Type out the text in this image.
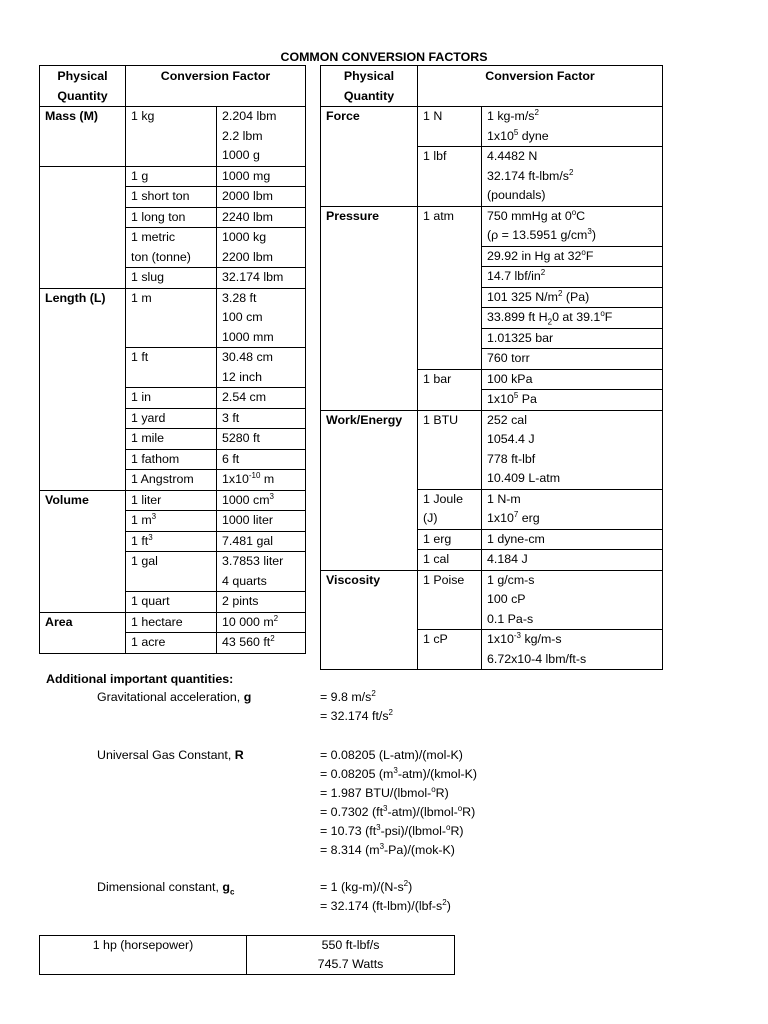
COMMON CONVERSION FACTORS
Physical
Quantity	Conversion Factor	
Mass (M)	1 kg	2.204 lbm
2.2 lbm
1000 g

	1 g	1000 mg

	1 short ton	2000 lbm

	1 long ton	2240 lbm

	1 metric
ton (tonne)	1000 kg
2200 lbm

	1 slug	32.174 lbm

Length (L)	1 m	3.28 ft
100 cm
1000 mm

	1 ft	30.48 cm
12 inch

	1 in	2.54 cm

	1 yard	3 ft

	1 mile	5280 ft

	1 fathom	6 ft

	1 Angstrom	$1x10^{-10}$ m

Volume	1 liter	1000 $cm^3$

	1 $m^3$	1000 liter

	1 $ft^3$	7.481 gal

	1 gal	3.7853 liter
4 quarts

	1 quart	2 pints

Area	1 hectare	10 000 $m^2$

	1 acre	43 560 $ft^2$
Physical
Quantity	Conversion Factor	
Force	1 N	1 $kg-m/s^2$
$1x10^5$ dyne

	1 lbf	4.4482 N
32.174 $ft-lbm/s^2$
(poundals)

Pressure	1 atm	750 mmHg at 0$^o$C
(ρ = 13.5951 $g/cm^3$)

		29.92 in Hg at 32$^o$F

		14.7 lbf/$in^2$

		101 325 $N/m^2$ (Pa)

		33.899 ft $H_20$ at 39.1$^o$F

		1.01325 bar

		760 torr

	1 bar	100 kPa

		$1x10^5$ Pa

Work/Energy	1 BTU	252 cal
1054.4 J
778 ft-lbf
10.409 L-atm

	1 Joule
(J)	1 N-m
$1x10^7$ erg

	1 erg	1 dyne-cm

	1 cal	4.184 J

Viscosity	1 Poise	1 g/cm-s
100 cP
0.1 Pa-s

	1 cP	$1x10^{-3}$ kg/m-s
6.72x10-4 lbm/ft-s
Additional important quantities:
Gravitational acceleration, g	= 9.8 $m/s^2$
= 32.174 $ft/s^2$
Universal Gas Constant, R	= 0.08205 (L-atm)/(mol-K)
= 0.08205 $(m^3-atm)/(kmol-K)$
= 1.987 BTU/(lbmol-$^o$R)
= 0.7302 $(ft^3-atm)/(lbmol-^oR)$
= 10.73 $(ft^3-psi)/(lbmol-^oR)$
= 8.314 $(m^3-Pa)/(mok-K)$
Dimensional constant, $g_c$	= 1 $(kg-m)/(N-s^2)$
= 32.174 $(ft-lbm)/(lbf-s^2)$
1 hp (horsepower)	550 ft-lbf/s
745.7 Watts
